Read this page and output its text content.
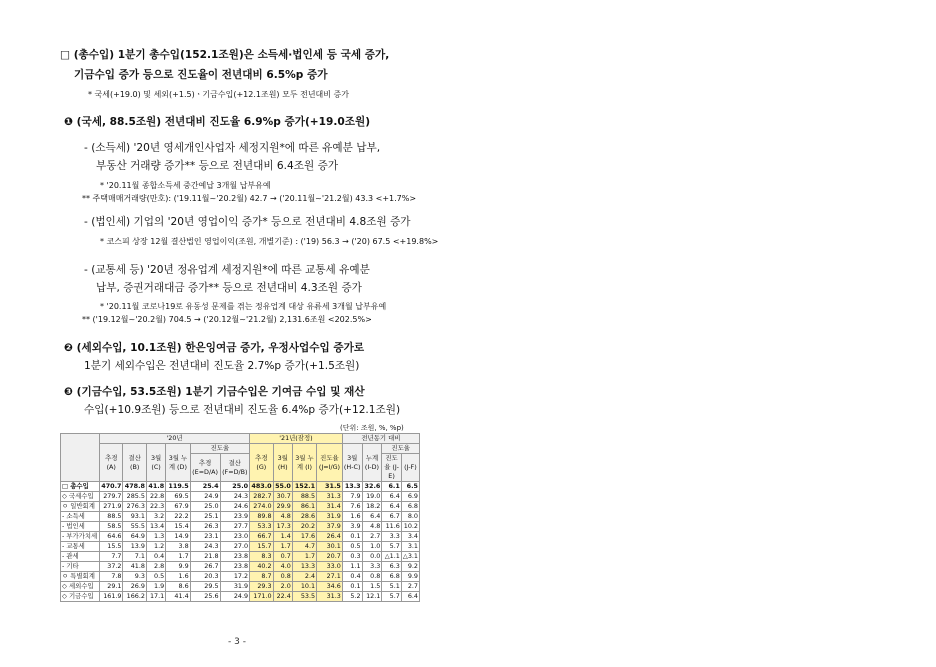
□ (총수입) 1분기 총수입(152.1조원)은 소득세·법인세 등 국세 증가,
기금수입 증가 등으로 진도율이 전년대비 6.5%p 증가
* 국세(+19.0) 및 세외(+1.5)ㆍ기금수입(+12.1조원) 모두 전년대비 증가
❶ (국세, 88.5조원) 전년대비 진도율 6.9%p 증가(+19.0조원)
- (소득세) '20년 영세개인사업자 세정지원*에 따른 유예분 납부,
부동산 거래량 증가** 등으로 전년대비 6.4조원 증가
* '20.11월 종합소득세 중간예납 3개월 납부유예
** 주택매매거래량(만호): ('19.11월~'20.2월) 42.7 → ('20.11월~'21.2월) 43.3 <+1.7%>
- (법인세) 기업의 '20년 영업이익 증가* 등으로 전년대비 4.8조원 증가
* 코스피 상장 12월 결산법인 영업이익(조원, 개별기준) : ('19) 56.3 → ('20) 67.5 <+19.8%>
- (교통세 등) '20년 정유업계 세정지원*에 따른 교통세 유예분
납부, 증권거래대금 증가** 등으로 전년대비 4.3조원 증가
* '20.11월 코로나19로 유동성 문제를 겪는 정유업계 대상 유류세 3개월 납부유예
** ('19.12월~'20.2월) 704.5 → ('20.12월~'21.2월) 2,131.6조원 <202.5%>
❷ (세외수입, 10.1조원) 한은잉여금 증가, 우정사업수입 증가로
1분기 세외수입은 전년대비 진도율 2.7%p 증가(+1.5조원)
❸ (기금수입, 53.5조원) 1분기 기금수입은 기여금 수입 및 재산
수입(+10.9조원) 등으로 전년대비 진도율 6.4%p 증가(+12.1조원)
(단위: 조원, %, %p)
	'20년						'21년(잠정)				전년동기 대비			
	추경 (A)	결산 (B)	3월 (C)	3월 누계 (D)	진도율		추경 (G)	3월 (H)	3월 누계 (I)	진도율 (J=I/G)	3월 (H-C)	누계 (I-D)	진도율	
					추경 (E=D/A)	결산 (F=D/B)							진도율 (J-E)	(J-F)
□ 총수입	470.7	478.8	41.8	119.5	25.4	25.0	483.0	55.0	152.1	31.5	13.3	32.6	6.1	6.5
◇ 국세수입	279.7	285.5	22.8	69.5	24.9	24.3	282.7	30.7	88.5	31.3	7.9	19.0	6.4	6.9
ㅇ 일반회계	271.9	276.3	22.3	67.9	25.0	24.6	274.0	29.9	86.1	31.4	7.6	18.2	6.4	6.8
- 소득세	88.5	93.1	3.2	22.2	25.1	23.9	89.8	4.8	28.6	31.9	1.6	6.4	6.7	8.0
- 법인세	58.5	55.5	13.4	15.4	26.3	27.7	53.3	17.3	20.2	37.9	3.9	4.8	11.6	10.2
- 부가가치세	64.6	64.9	1.3	14.9	23.1	23.0	66.7	1.4	17.6	26.4	0.1	2.7	3.3	3.4
- 교통세	15.5	13.9	1.2	3.8	24.3	27.0	15.7	1.7	4.7	30.1	0.5	1.0	5.7	3.1
- 관세	7.7	7.1	0.4	1.7	21.8	23.8	8.3	0.7	1.7	20.7	0.3	0.0	△1.1	△3.1
- 기타	37.2	41.8	2.8	9.9	26.7	23.8	40.2	4.0	13.3	33.0	1.1	3.3	6.3	9.2
ㅇ 특별회계	7.8	9.3	0.5	1.6	20.3	17.2	8.7	0.8	2.4	27.1	0.4	0.8	6.8	9.9
◇ 세외수입	29.1	26.9	1.9	8.6	29.5	31.9	29.3	2.0	10.1	34.6	0.1	1.5	5.1	2.7
◇ 기금수입	161.9	166.2	17.1	41.4	25.6	24.9	171.0	22.4	53.5	31.3	5.2	12.1	5.7	6.4
- 3 -
